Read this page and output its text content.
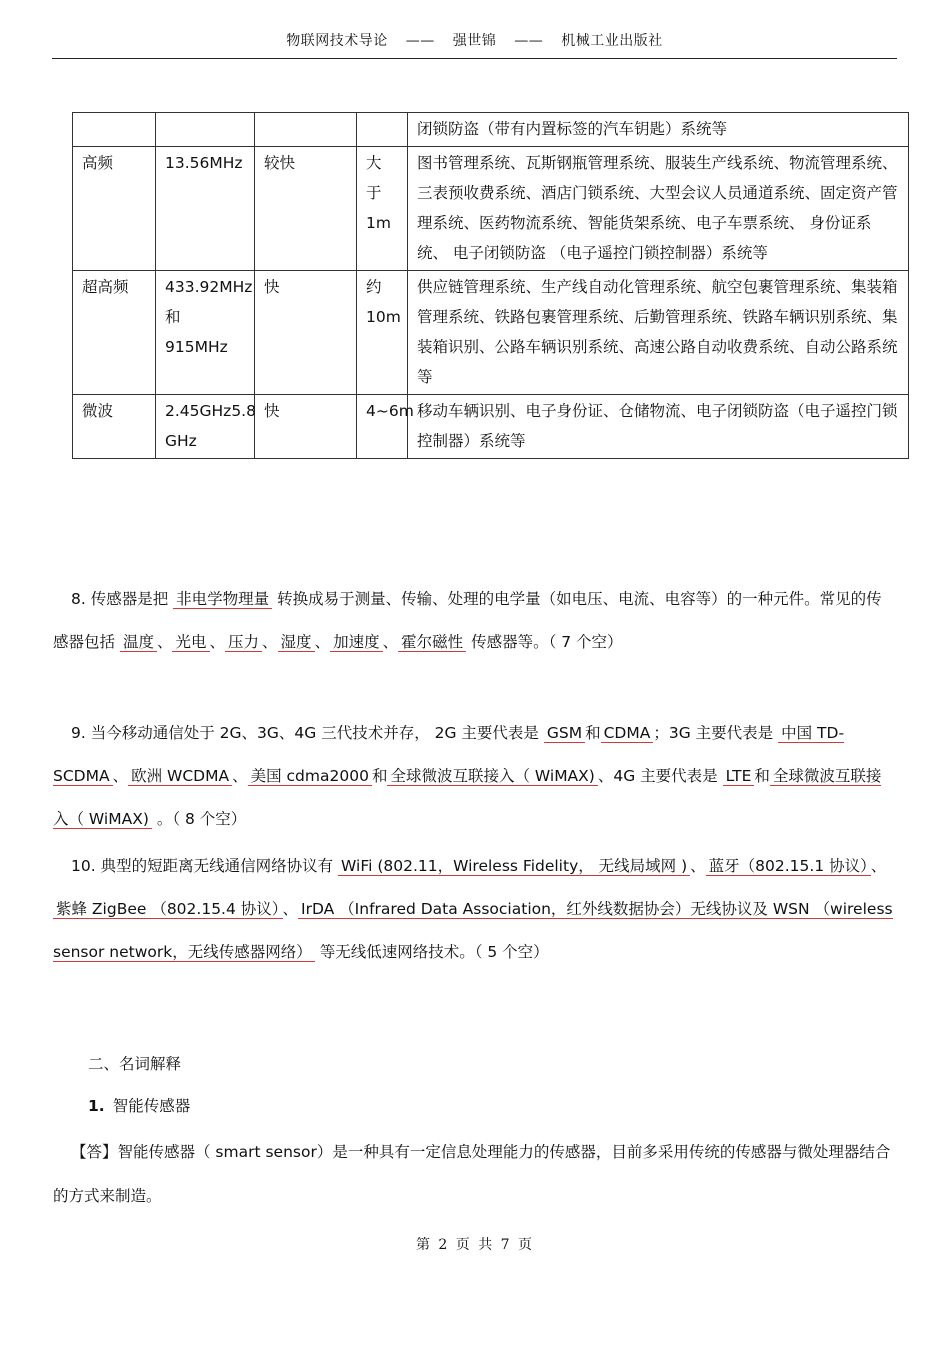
物联网技术导论 —— 强世锦 —— 机械工业出版社
				闭锁防盗（带有内置标签的汽车钥匙）系统等
高频	13.56MHz	较快	大 于 1m	图书管理系统、瓦斯钢瓶管理系统、服装生产线系统、物流管理系统、三表预收费系统、酒店门锁系统、大型会议人员通道系统、固定资产管理系统、医药物流系统、智能货架系统、电子车票系统、 身份证系统、 电子闭锁防盗 （电子遥控门锁控制器）系统等
超高频	433.92MHz 和 915MHz	快	约 10m	供应链管理系统、生产线自动化管理系统、航空包裹管理系统、集装箱管理系统、铁路包裹管理系统、后勤管理系统、铁路车辆识别系统、集装箱识别、公路车辆识别系统、高速公路自动收费系统、自动公路系统等
微波	2.45GHz5.8 GHz	快	4~6m	移动车辆识别、电子身份证、仓储物流、电子闭锁防盗（电子遥控门锁控制器）系统等
8. 传感器是把 非电学物理量 转换成易于测量、传输、处理的电学量（如电压、电流、电容等）的一种元件。常见的传感器包括 温度 、 光电 、 压力 、 湿度 、 加速度 、 霍尔磁性 传感器等。（ 7 个空）
9. 当今移动通信处于 2G、3G、4G 三代技术并存， 2G 主要代表是 GSM 和 CDMA ；3G 主要代表是 中国 TD-SCDMA 、 欧洲 WCDMA 、 美国 cdma2000 和 全球微波互联接入（ WiMAX) 、4G 主要代表是 LTE 和 全球微波互联接入（ WiMAX) 。（ 8 个空）
10. 典型的短距离无线通信网络协议有 WiFi (802.11，Wireless Fidelity， 无线局域网 ) 、 蓝牙（802.15.1 协议） 、紫蜂 ZigBee （802.15.4 协议） 、 IrDA （Infrared Data Association，红外线数据协会）无线协议及 WSN （wireless sensor network，无线传感器网络） 等无线低速网络技术。（ 5 个空）
二、名词解释
1. 智能传感器
【答】智能传感器（ smart sensor）是一种具有一定信息处理能力的传感器，目前多采用传统的传感器与微处理器结合的方式来制造。
第 2 页 共 7 页
